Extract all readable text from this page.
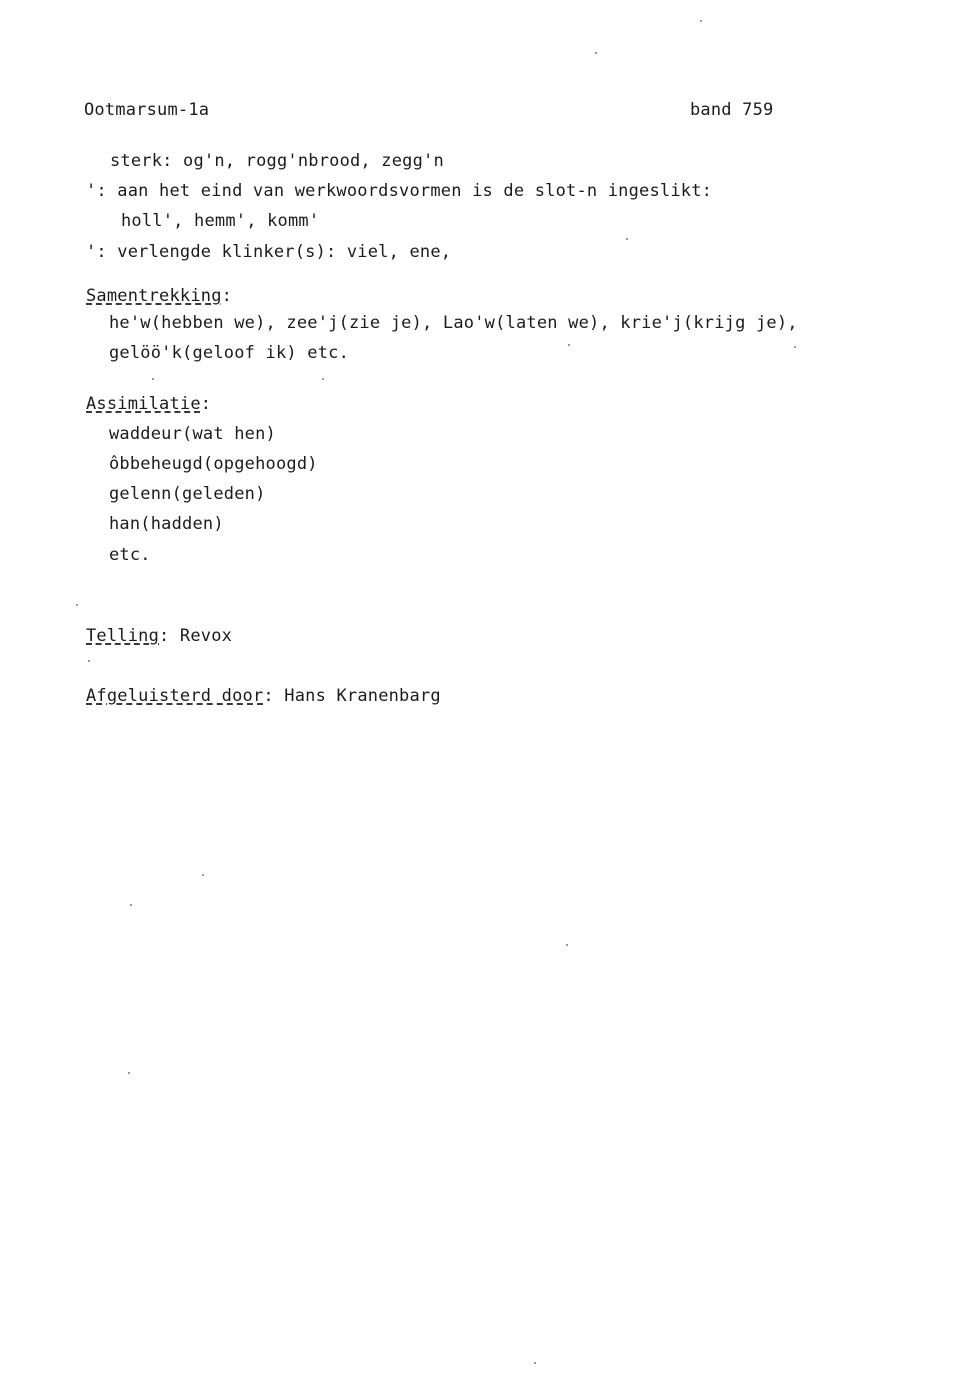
Ootmarsum-1a	band 759
sterk: og'n, rogg'nbrood, zegg'n
': aan het eind van werkwoordsvormen is de slot-n ingeslikt:
holl', hemm', komm'
': verlengde klinker(s): viel, ene,
Samentrekking:
he'w(hebben we), zee'j(zie je), Lao'w(laten we), krie'j(krijg je),
gelöö'k(geloof ik) etc.
Assimilatie:
waddeur(wat hen)
ôbbeheugd(opgehoogd)
gelenn(geleden)
han(hadden)
etc.
Telling: Revox
Afgeluisterd door: Hans Kranenbarg
